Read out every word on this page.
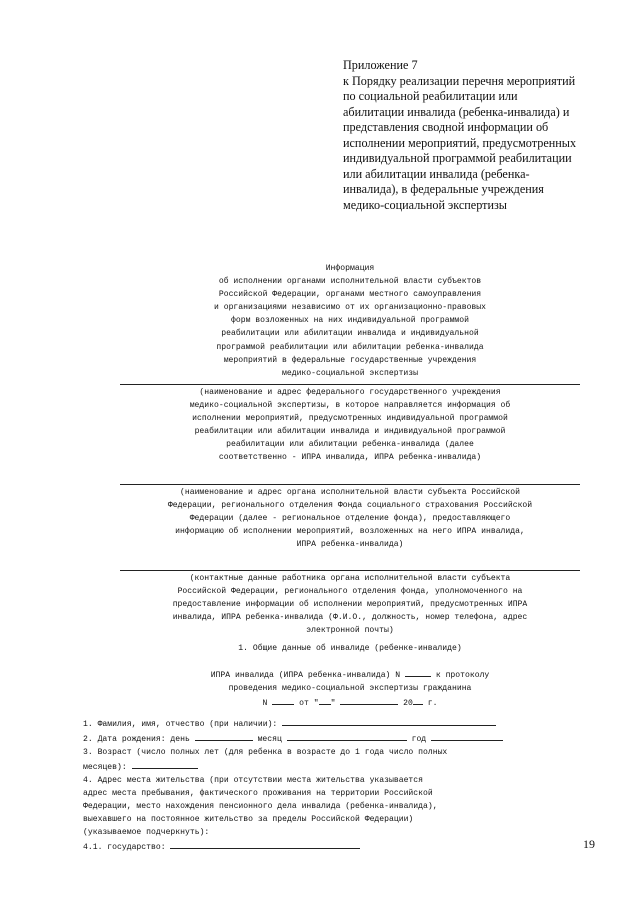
Приложение 7
к Порядку реализации перечня мероприятий
по социальной реабилитации или
абилитации инвалида (ребенка-инвалида) и
представления сводной информации об
исполнении мероприятий, предусмотренных
индивидуальной программой реабилитации
или абилитации инвалида (ребенка-
инвалида), в федеральные учреждения
медико-социальной экспертизы
Информация
об исполнении органами исполнительной власти субъектов
Российской Федерации, органами местного самоуправления
и организациями независимо от их организационно-правовых
форм возложенных на них индивидуальной программой
реабилитации или абилитации инвалида и индивидуальной
программой реабилитации или абилитации ребенка-инвалида
мероприятий в федеральные государственные учреждения
медико-социальной экспертизы
(наименование и адрес федерального государственного учреждения
медико-социальной экспертизы, в которое направляется информация об
исполнении мероприятий, предусмотренных индивидуальной программой
реабилитации или абилитации инвалида и индивидуальной программой
реабилитации или абилитации ребенка-инвалида (далее
соответственно - ИПРА инвалида, ИПРА ребенка-инвалида)
(наименование и адрес органа исполнительной власти субъекта Российской
Федерации, регионального отделения Фонда социального страхования Российской
Федерации (далее - региональное отделение фонда), предоставляющего
информацию об исполнении мероприятий, возложенных на него ИПРА инвалида,
ИПРА ребенка-инвалида)
(контактные данные работника органа исполнительной власти субъекта
Российской Федерации, регионального отделения фонда, уполномоченного на
предоставление информации об исполнении мероприятий, предусмотренных ИПРА
инвалида, ИПРА ребенка-инвалида (Ф.И.О., должность, номер телефона, адрес
электронной почты)
1. Общие данные об инвалиде (ребенке-инвалиде)
ИПРА инвалида (ИПРА ребенка-инвалида) N	к протоколу
проведения медико-социальной экспертизы гражданина
N	от " "	20 г.
1. Фамилия, имя, отчество (при наличии):
2. Дата рождения: день	месяц	год
3. Возраст (число полных лет (для ребенка в возрасте до 1 года число полных
месяцев):
4. Адрес места жительства (при отсутствии места жительства указывается
адрес места пребывания, фактического проживания на территории Российской
Федерации, место нахождения пенсионного дела инвалида (ребенка-инвалида),
выехавшего на постоянное жительство за пределы Российской Федерации)
(указываемое подчеркнуть):
4.1. государство:	19
